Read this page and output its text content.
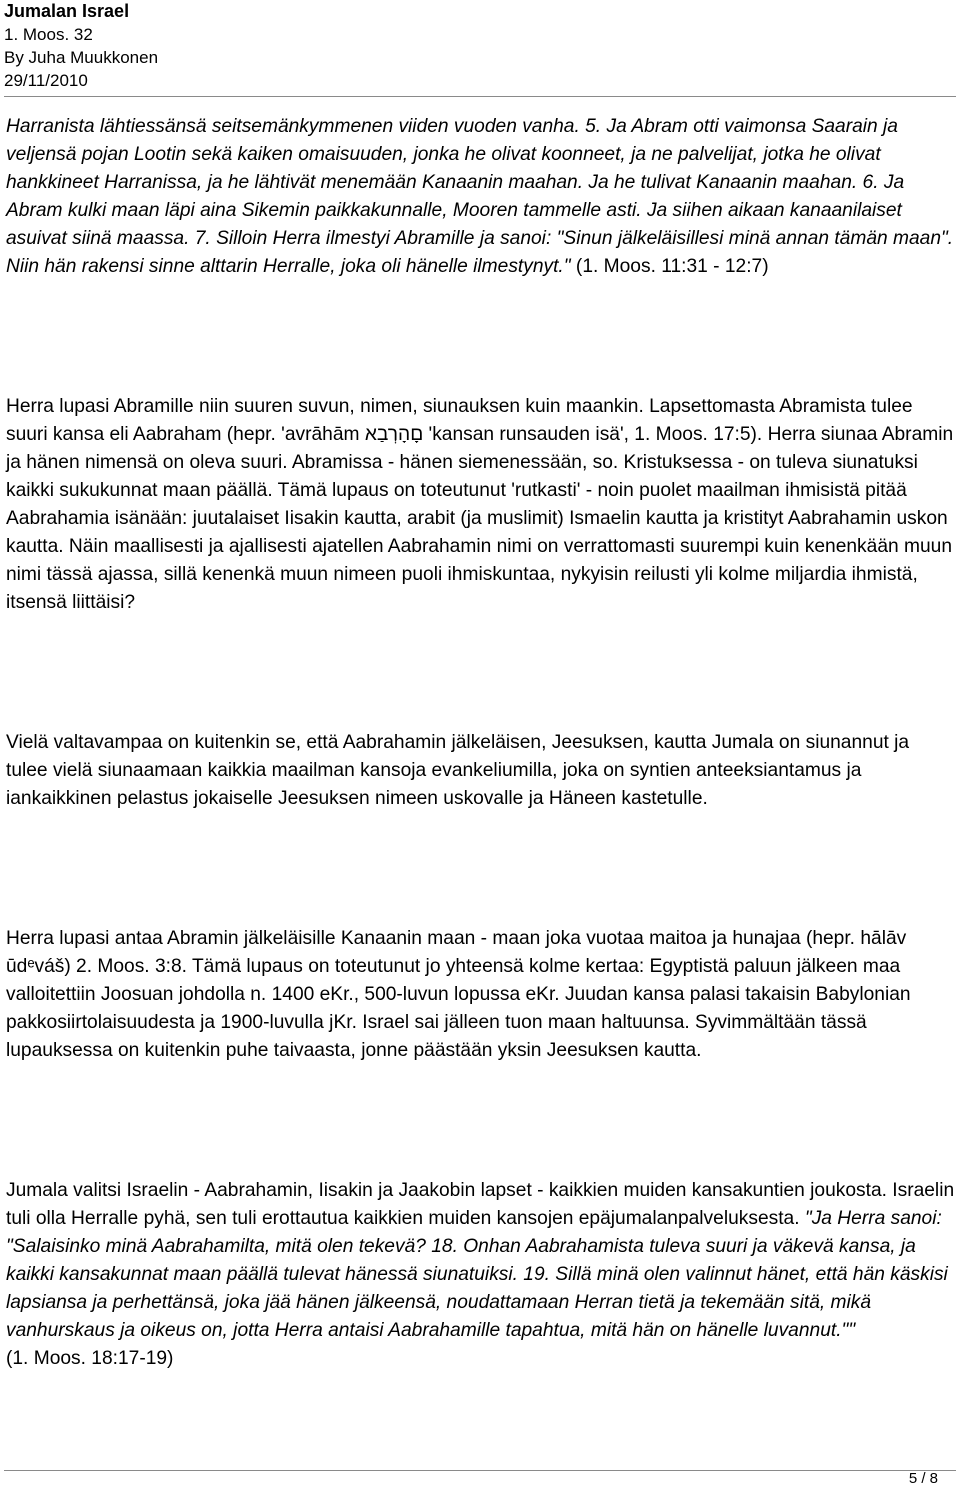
Jumalan Israel
1. Moos. 32
By Juha Muukkonen
29/11/2010

Harranista lähtiessänsä seitsemänkymmenen viiden vuoden vanha. 5. Ja Abram otti vaimonsa Saarain ja veljensä pojan Lootin sekä kaiken omaisuuden, jonka he olivat koonneet, ja ne palvelijat, jotka he olivat hankkineet Harranissa, ja he lähtivät menemään Kanaanin maahan. Ja he tulivat Kanaanin maahan. 6. Ja Abram kulki maan läpi aina Sikemin paikkakunnalle, Mooren tammelle asti. Ja siihen aikaan kanaanilaiset asuivat siinä maassa. 7. Silloin Herra ilmestyi Abramille ja sanoi: "Sinun jälkeläisillesi minä annan tämän maan". Niin hän rakensi sinne alttarin Herralle, joka oli hänelle ilmestynyt." (1. Moos. 11:31 - 12:7)

Herra lupasi Abramille niin suuren suvun, nimen, siunauksen kuin maankin. Lapsettomasta Abramista tulee suuri kansa eli Aabraham (hepr. 'avrāhām םָהָרְבַא 'kansan runsauden isä', 1. Moos. 17:5). Herra siunaa Abramin ja hänen nimensä on oleva suuri. Abramissa - hänen siemenessään, so. Kristuksessa - on tuleva siunatuksi kaikki sukukunnat maan päällä. Tämä lupaus on toteutunut 'rutkasti' - noin puolet maailman ihmisistä pitää Aabrahamia isänään: juutalaiset Iisakin kautta, arabit (ja muslimit) Ismaelin kautta ja kristityt Aabrahamin uskon kautta. Näin maallisesti ja ajallisesti ajatellen Aabrahamin nimi on verrattomasti suurempi kuin kenenkään muun nimi tässä ajassa, sillä kenenkä muun nimeen puoli ihmiskuntaa, nykyisin reilusti yli kolme miljardia ihmistä, itsensä liittäisi?

Vielä valtavampaa on kuitenkin se, että Aabrahamin jälkeläisen, Jeesuksen, kautta Jumala on siunannut ja tulee vielä siunaamaan kaikkia maailman kansoja evankeliumilla, joka on syntien anteeksiantamus ja iankaikkinen pelastus jokaiselle Jeesuksen nimeen uskovalle ja Häneen kastetulle.

Herra lupasi antaa Abramin jälkeläisille Kanaanin maan - maan joka vuotaa maitoa ja hunajaa (hepr. h⁣ālāv ūdᵉváš) 2. Moos. 3:8. Tämä lupaus on toteutunut jo yhteensä kolme kertaa: Egyptistä paluun jälkeen maa valloitettiin Joosuan johdolla n. 1400 eKr., 500-luvun lopussa eKr. Juudan kansa palasi takaisin Babylonian pakkosiirtolaisuudesta ja 1900-luvulla jKr. Israel sai jälleen tuon maan haltuunsa. Syvimmältään tässä lupauksessa on kuitenkin puhe taivaasta, jonne päästään yksin Jeesuksen kautta.

Jumala valitsi Israelin - Aabrahamin, Iisakin ja Jaakobin lapset - kaikkien muiden kansakuntien joukosta. Israelin tuli olla Herralle pyhä, sen tuli erottautua kaikkien muiden kansojen epäjumalanpalveluksesta. "Ja Herra sanoi: "Salaisinko minä Aabrahamilta, mitä olen tekevä? 18. Onhan Aabrahamista tuleva suuri ja väkevä kansa, ja kaikki kansakunnat maan päällä tulevat hänessä siunatuiksi. 19. Sillä minä olen valinnut hänet, että hän käskisi lapsiansa ja perhettänsä, joka jää hänen jälkeensä, noudattamaan Herran tietä ja tekemään sitä, mikä vanhurskaus ja oikeus on, jotta Herra antaisi Aabrahamille tapahtua, mitä hän on hänelle luvannut.""(1. Moos. 18:17-19)

5 / 8
